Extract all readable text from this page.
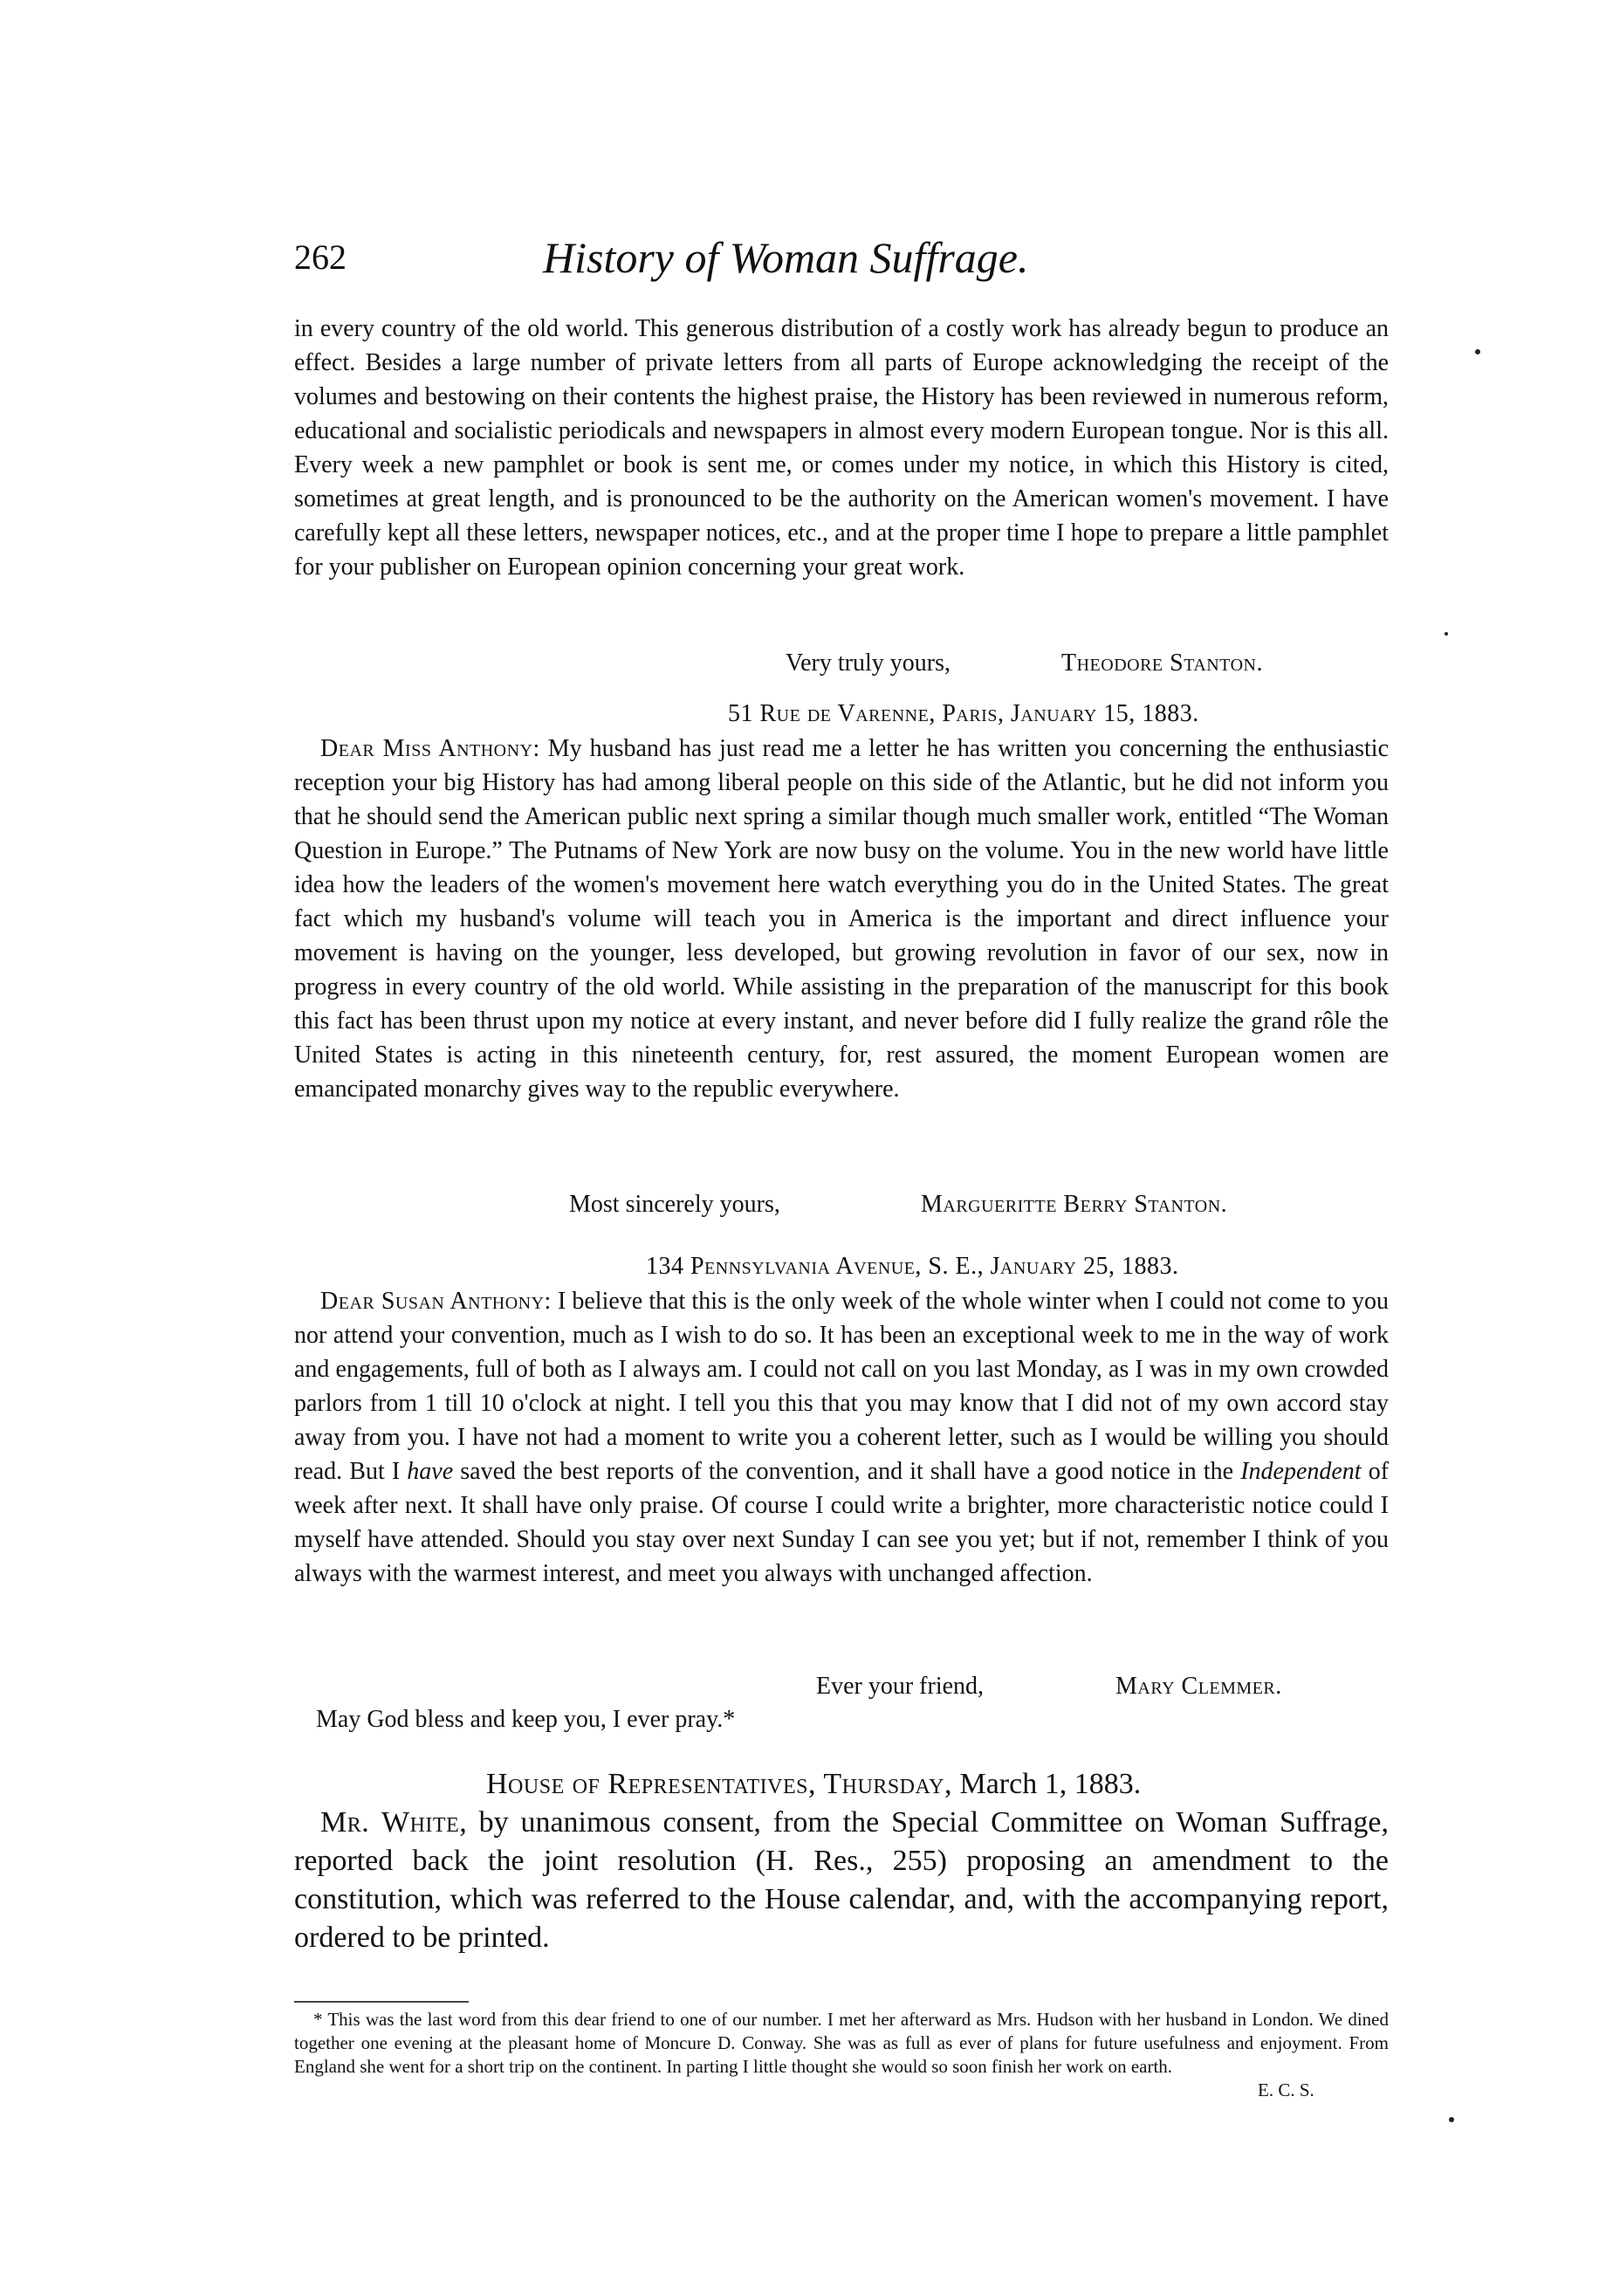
262	History of Woman Suffrage.
in every country of the old world. This generous distribution of a costly work has already begun to produce an effect. Besides a large number of private letters from all parts of Europe acknowledging the receipt of the volumes and bestowing on their contents the highest praise, the History has been reviewed in numerous reform, educational and socialistic periodicals and newspapers in almost every modern European tongue. Nor is this all. Every week a new pamphlet or book is sent me, or comes under my notice, in which this History is cited, sometimes at great length, and is pronounced to be the authority on the American women's movement. I have carefully kept all these letters, newspaper notices, etc., and at the proper time I hope to prepare a little pamphlet for your publisher on European opinion concerning your great work.
Very truly yours,	Theodore Stanton.
51 Rue de Varenne, Paris, January 15, 1883.
Dear Miss Anthony: My husband has just read me a letter he has written you concerning the enthusiastic reception your big History has had among liberal people on this side of the Atlantic, but he did not inform you that he should send the American public next spring a similar though much smaller work, entitled “The Woman Question in Europe.” The Putnams of New York are now busy on the volume. You in the new world have little idea how the leaders of the women's movement here watch everything you do in the United States. The great fact which my husband's volume will teach you in America is the important and direct influence your movement is having on the younger, less developed, but growing revolution in favor of our sex, now in progress in every country of the old world. While assisting in the preparation of the manuscript for this book this fact has been thrust upon my notice at every instant, and never before did I fully realize the grand rôle the United States is acting in this nineteenth century, for, rest assured, the moment European women are emancipated monarchy gives way to the republic everywhere.
Most sincerely yours,	Margueritte Berry Stanton.
134 Pennsylvania Avenue, S. E., January 25, 1883.
Dear Susan Anthony: I believe that this is the only week of the whole winter when I could not come to you nor attend your convention, much as I wish to do so. It has been an exceptional week to me in the way of work and engagements, full of both as I always am. I could not call on you last Monday, as I was in my own crowded parlors from 1 till 10 o'clock at night. I tell you this that you may know that I did not of my own accord stay away from you. I have not had a moment to write you a coherent letter, such as I would be willing you should read. But I have saved the best reports of the convention, and it shall have a good notice in the Independent of week after next. It shall have only praise. Of course I could write a brighter, more characteristic notice could I myself have attended. Should you stay over next Sunday I can see you yet; but if not, remember I think of you always with the warmest interest, and meet you always with unchanged affection.
Ever your friend,	Mary Clemmer.
May God bless and keep you, I ever pray.*
House of Representatives, Thursday, March 1, 1883.
Mr. White, by unanimous consent, from the Special Committee on Woman Suffrage, reported back the joint resolution (H. Res., 255) proposing an amendment to the constitution, which was referred to the House calendar, and, with the accompanying report, ordered to be printed.
* This was the last word from this dear friend to one of our number. I met her afterward as Mrs. Hudson with her husband in London. We dined together one evening at the pleasant home of Moncure D. Conway. She was as full as ever of plans for future usefulness and enjoyment. From England she went for a short trip on the continent. In parting I little thought she would so soon finish her work on earth.
E. C. S.
